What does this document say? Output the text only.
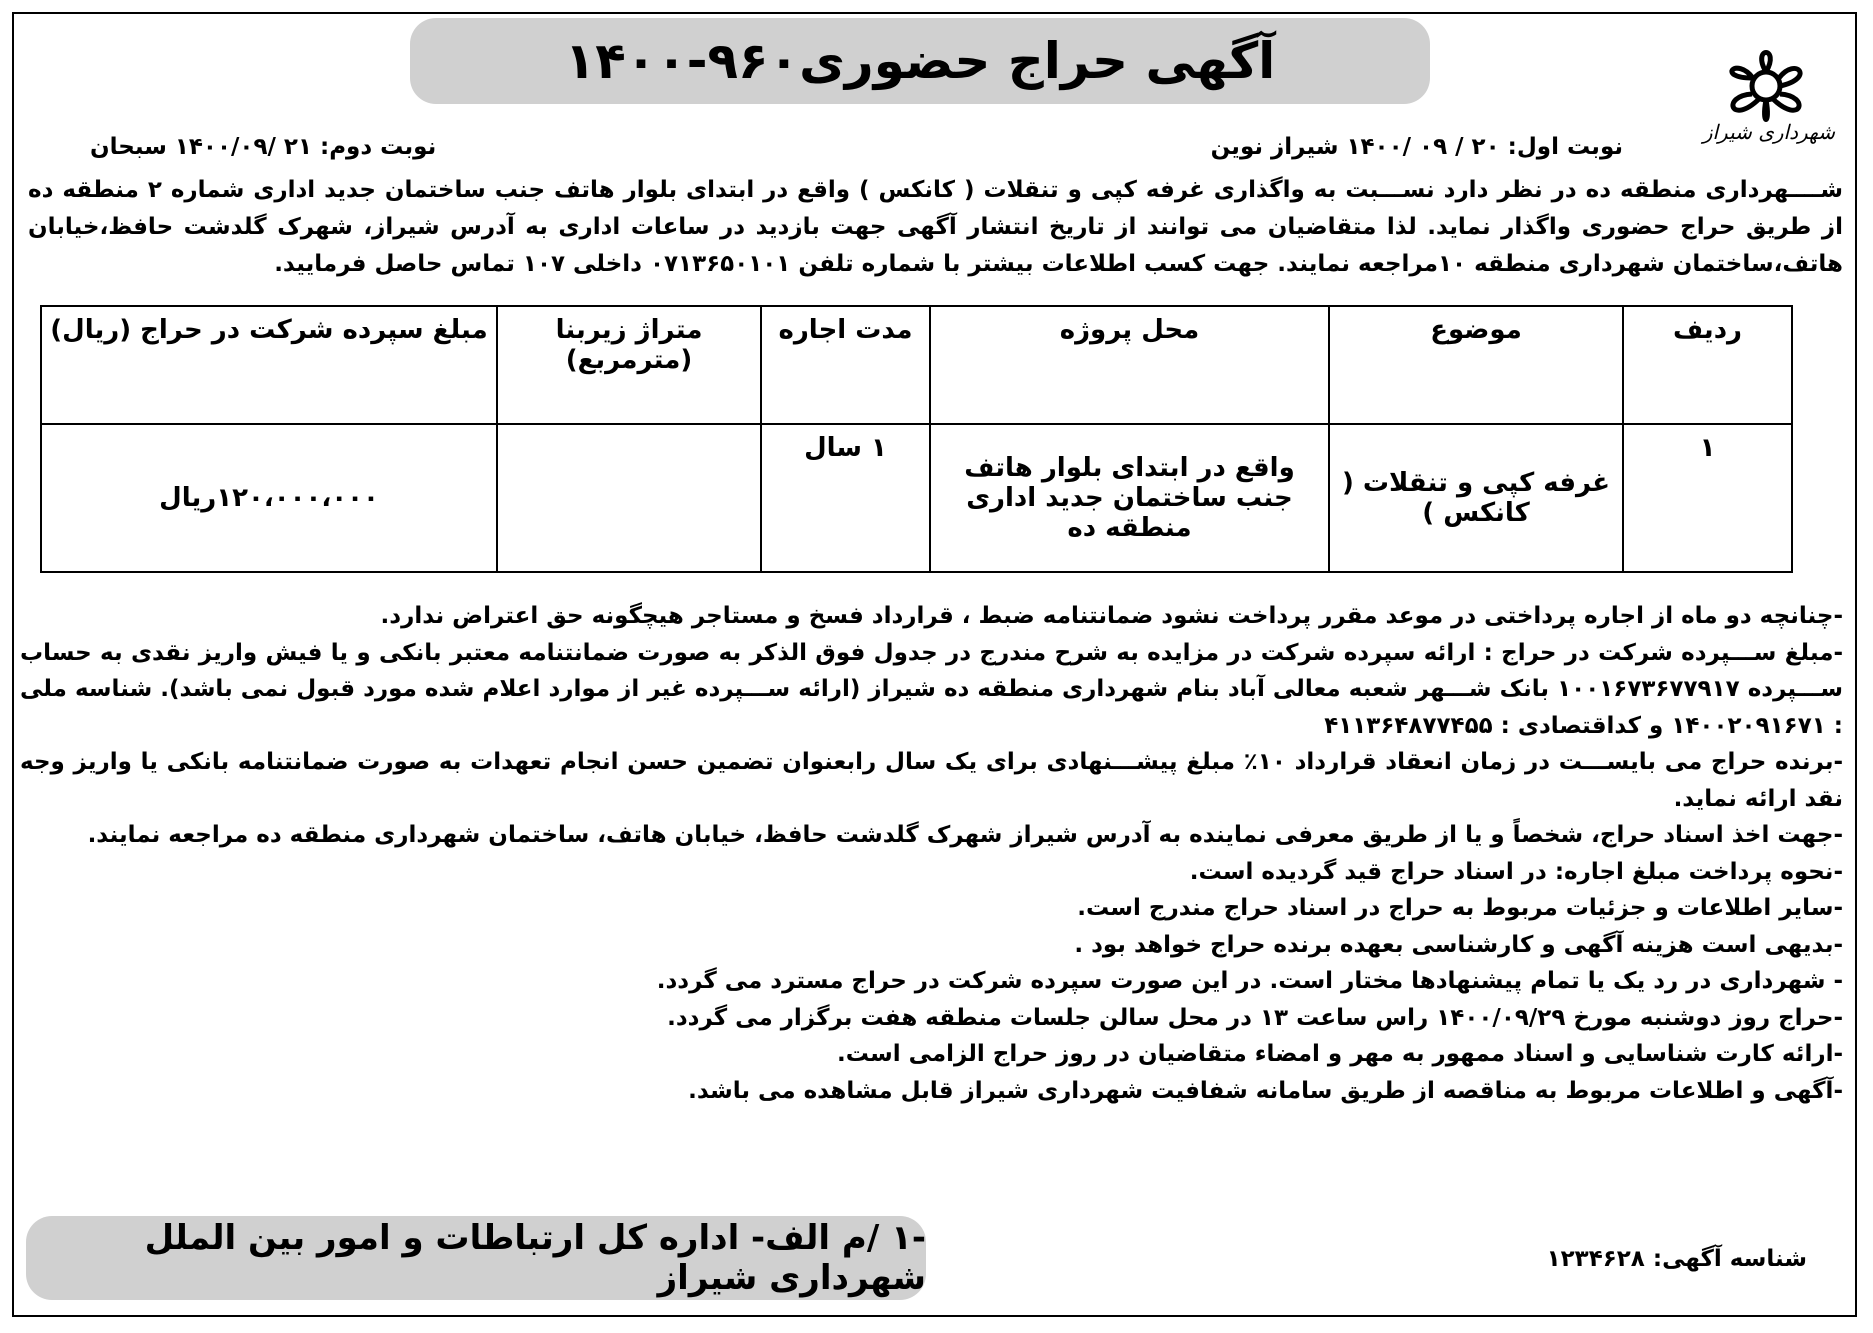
آگهی حراج حضوری۹۶۰-۱۴۰۰
شهرداری شیراز
نوبت اول: ۲۰ / ۰۹ /۱۴۰۰ شیراز نوین
نوبت دوم: ۲۱ /۱۴۰۰/۰۹ سبحان
شــــهرداری منطقه ده در نظر دارد نســـبت به واگذاری غرفه کپی و تنقلات ( کانکس ) واقع در ابتدای بلوار هاتف جنب ساختمان جدید اداری شماره ۲ منطقه ده از طریق حراج حضوری واگذار نماید. لذا متقاضیان می توانند از تاریخ انتشار آگهی جهت بازدید در ساعات اداری به آدرس شیراز، شهرک گلدشت حافظ،خیابان هاتف،ساختمان شهرداری منطقه ۱۰مراجعه نمایند. جهت کسب اطلاعات بیشتر با شماره تلفن ۰۷۱۳۶۵۰۱۰۱ داخلی ۱۰۷ تماس حاصل فرمایید.
ردیف	موضوع	محل پروژه	مدت اجاره	متراژ زیربنا (مترمربع)	مبلغ سپرده شرکت در حراج (ریال)
۱	غرفه کپی و تنقلات ( کانکس )	واقع در ابتدای بلوار هاتف جنب ساختمان جدید اداری منطقه ده	۱ سال		۱۲۰،۰۰۰،۰۰۰ریال

-چنانچه دو ماه از اجاره پرداختی در موعد مقرر پرداخت نشود ضمانتنامه ضبط ، قرارداد فسخ و مستاجر هیچگونه حق اعتراض ندارد.

-مبلغ ســـپرده شرکت در حراج : ارائه سپرده شرکت در مزایده به شرح مندرج در جدول فوق الذکر به صورت ضمانتنامه معتبر بانکی و یا فیش واریز نقدی به حساب ســـپرده ۱۰۰۱۶۷۳۶۷۷۹۱۷ بانک شـــهر شعبه معالی آباد بنام شهرداری منطقه ده شیراز (ارائه ســـپرده غیر از موارد اعلام شده مورد قبول نمی باشد). شناسه ملی : ۱۴۰۰۲۰۹۱۶۷۱ و کداقتصادی : ۴۱۱۳۶۴۸۷۷۴۵۵

-برنده حراج می بایســـت در زمان انعقاد قرارداد ۱۰٪ مبلغ پیشـــنهادی برای یک سال رابعنوان تضمین حسن انجام تعهدات به صورت ضمانتنامه بانکی یا واریز وجه نقد ارائه نماید.

-جهت اخذ اسناد حراج، شخصاً و یا از طریق معرفی نماینده به آدرس شیراز شهرک گلدشت حافظ، خیابان هاتف، ساختمان شهرداری منطقه ده مراجعه نمایند.

-نحوه پرداخت مبلغ اجاره: در اسناد حراج قید گردیده است.

-سایر اطلاعات و جزئیات مربوط به حراج در اسناد حراج مندرج است.

-بدیهی است هزینه آگهی و کارشناسی بعهده برنده حراج خواهد بود .

- شهرداری در رد یک یا تمام پیشنهادها مختار است. در این صورت سپرده شرکت در حراج مسترد می گردد.

-حراج روز دوشنبه مورخ ۱۴۰۰/۰۹/۲۹ راس ساعت ۱۳ در محل سالن جلسات منطقه هفت برگزار می گردد.

-ارائه کارت شناسایی و اسناد ممهور به مهر و امضاء متقاضیان در روز حراج الزامی است.

-آگهی و اطلاعات مربوط به مناقصه از طریق سامانه شفافیت شهرداری شیراز قابل مشاهده می باشد.

-۱ /م الف- اداره کل ارتباطات و امور بین الملل شهرداری شیراز	شناسه آگهی: ۱۲۳۴۶۲۸
